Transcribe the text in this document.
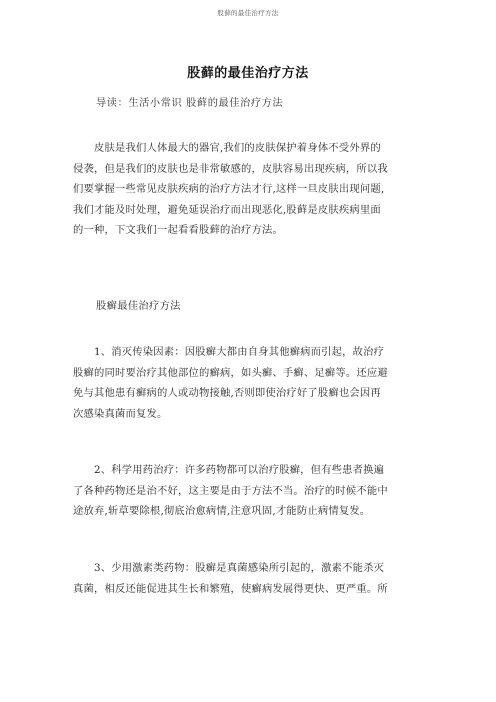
股藓的最佳治疗方法
股藓的最佳治疗方法
导读：生活小常识 股藓的最佳治疗方法
　　皮肤是我们人体最大的器官,我们的皮肤保护着身体不受外界的
侵袭，但是我们的皮肤也是非常敏感的，皮肤容易出现疾病，所以我
们要掌握一些常见皮肤疾病的治疗方法才行,这样一旦皮肤出现问题,
我们才能及时处理，避免延误治疗而出现恶化,股藓是皮肤疾病里面
的一种，下文我们一起看看股藓的治疗方法。
股癣最佳治疗方法
　　1、消灭传染因素：因股癣大都由自身其他癣病而引起，故治疗
股癣的同时要治疗其他部位的癣病，如头癣、手癣、足癣等。还应避
免与其他患有癣病的人或动物接触,否则即使治疗好了股癣也会因再
次感染真菌而复发。
　　2、科学用药治疗：许多药物都可以治疗股癣，但有些患者换遍
了各种药物还是治不好，这主要是由于方法不当。治疗的时候不能中
途放弃,斩草要除根,彻底治愈病情,注意巩固,才能防止病情复发。
　　3、少用激素类药物：股癣是真菌感染所引起的，激素不能杀灭
真菌，相反还能促进其生长和繁殖，使癣病发展得更快、更严重。所
